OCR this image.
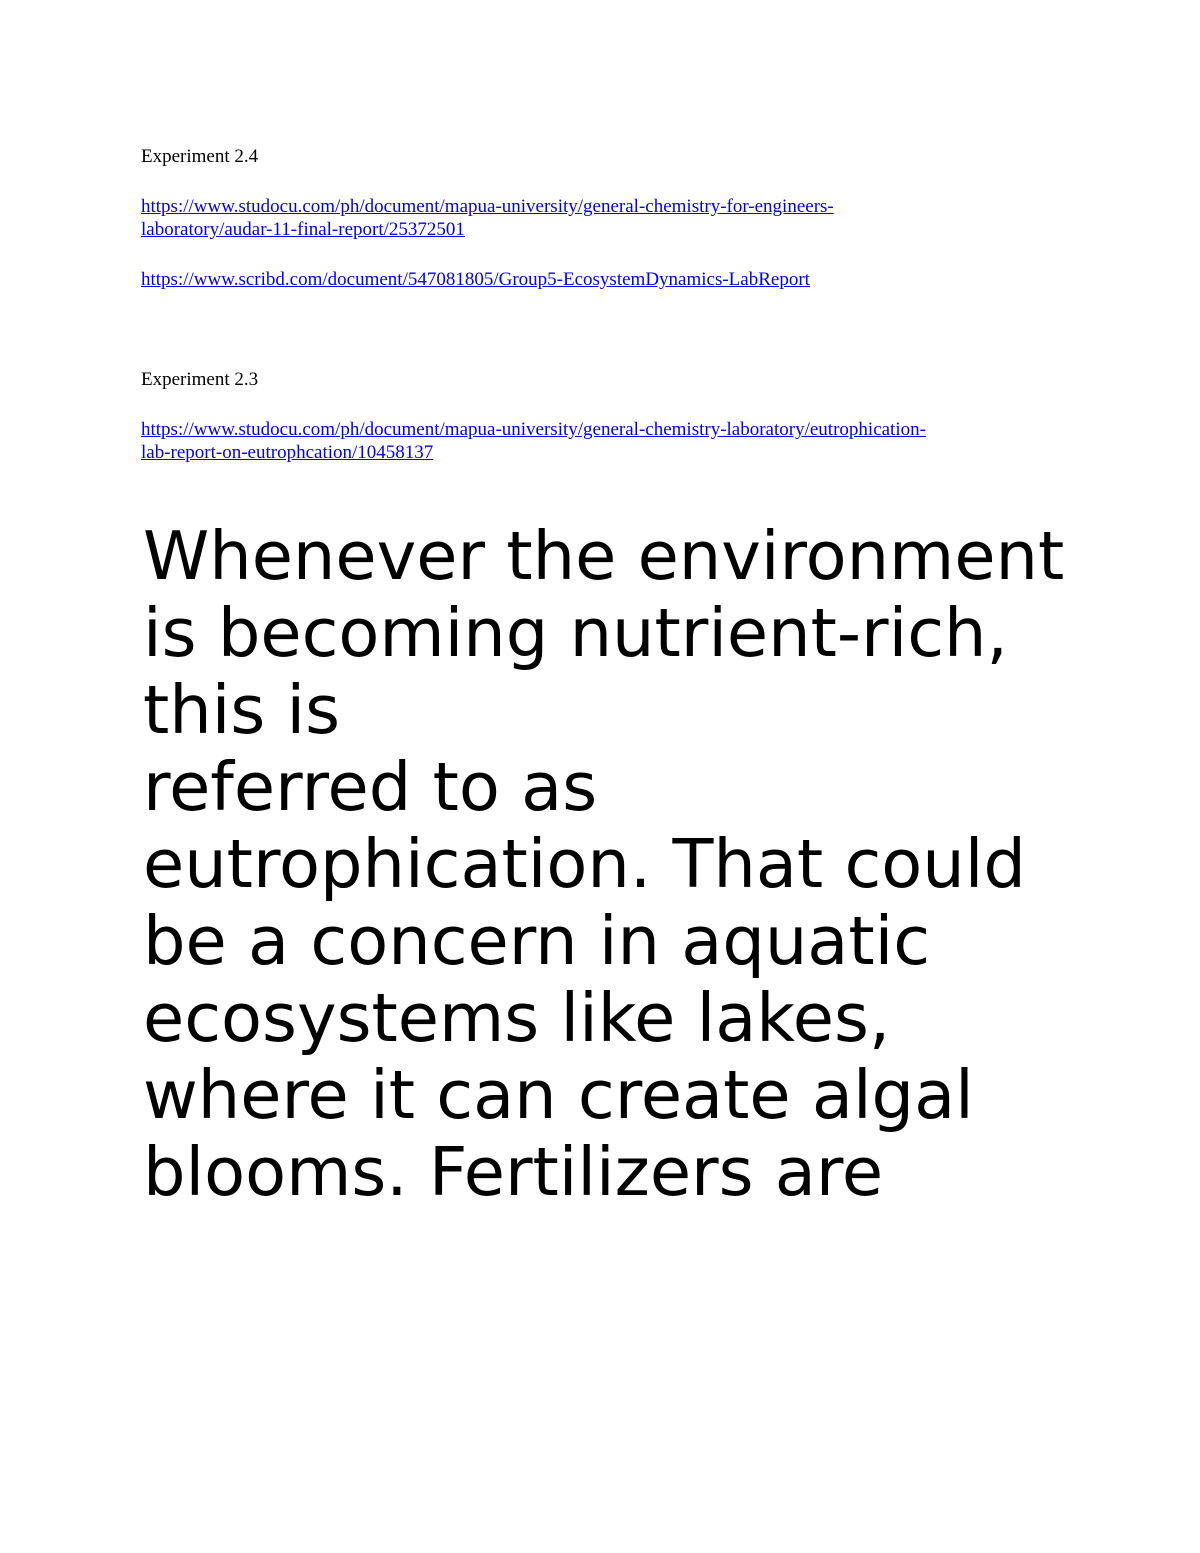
Experiment 2.4
https://www.studocu.com/ph/document/mapua-university/general-chemistry-for-engineers-
laboratory/audar-11-final-report/25372501
https://www.scribd.com/document/547081805/Group5-EcosystemDynamics-LabReport
Experiment 2.3
https://www.studocu.com/ph/document/mapua-university/general-chemistry-laboratory/eutrophication-
lab-report-on-eutrophcation/10458137

Whenever the environment
is becoming nutrient-rich,
this is
referred to as
eutrophication. That could
be a concern in aquatic
ecosystems like lakes,
where it can create algal
blooms. Fertilizers are
